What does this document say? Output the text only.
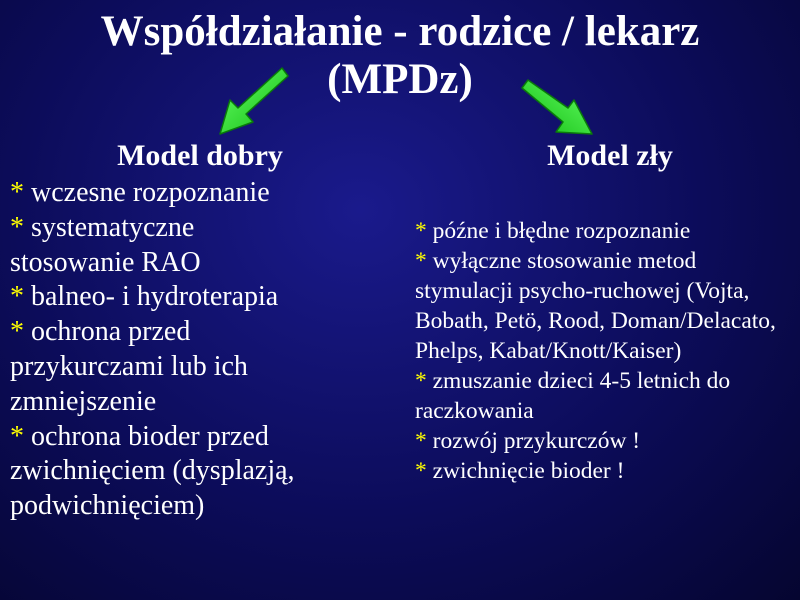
Współdziałanie - rodzice / lekarz
(MPDz)
Model dobry	Model zły
* wczesne rozpoznanie
* systematyczne stosowanie RAO
* balneo- i hydroterapia
* ochrona przed przykurczami lub ich zmniejszenie
* ochrona bioder przed zwichnięciem (dysplazją, podwichnięciem)
* późne i błędne rozpoznanie
* wyłączne stosowanie metod stymulacji psycho-ruchowej (Vojta, Bobath, Petö, Rood, Doman/Delacato, Phelps, Kabat/Knott/Kaiser)
* zmuszanie dzieci 4-5 letnich do raczkowania
* rozwój przykurczów !
* zwichnięcie bioder !
